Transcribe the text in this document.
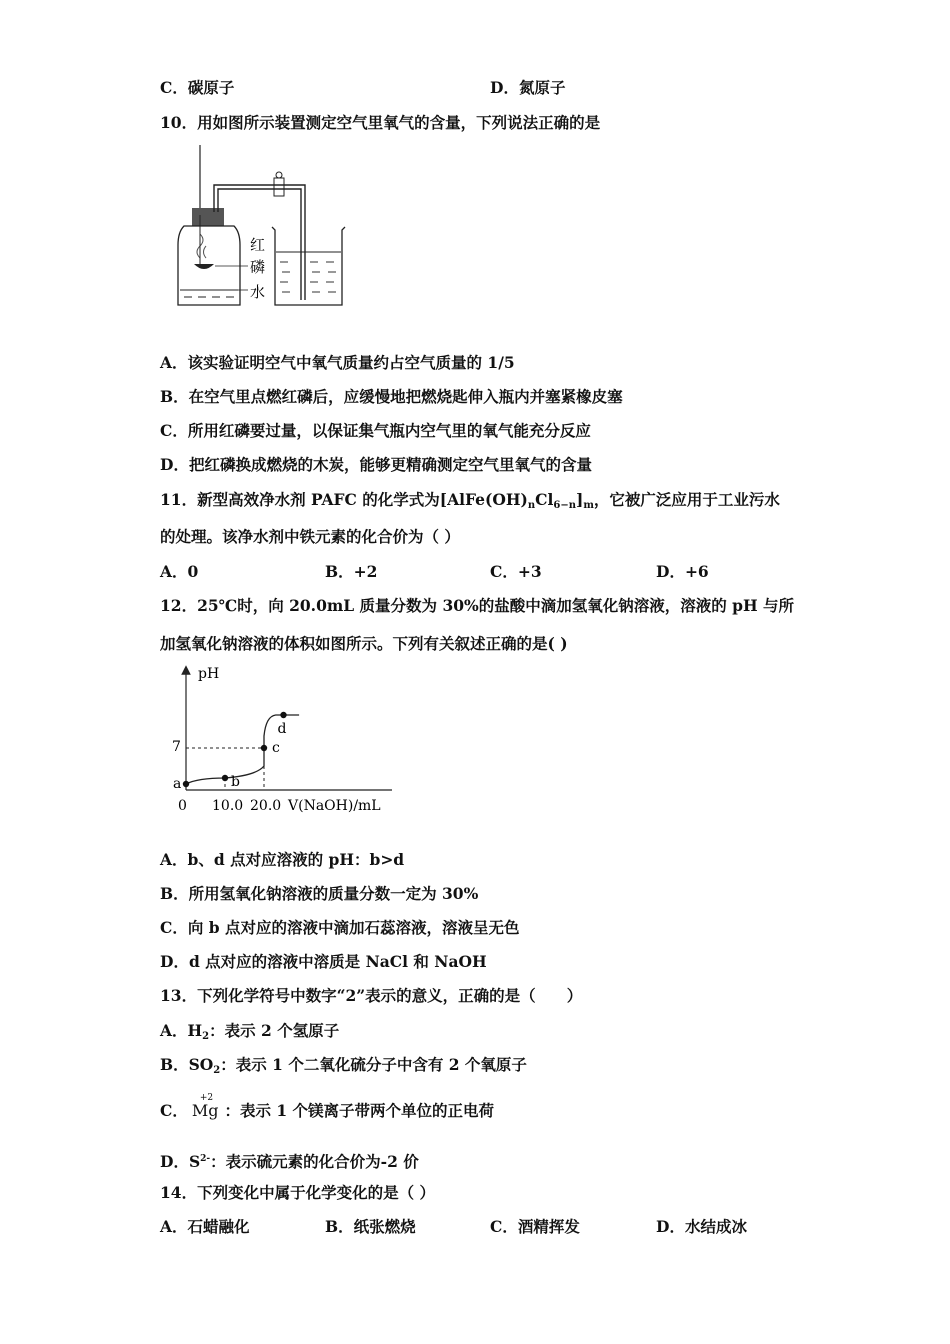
C．碳原子	D．氮原子
10．用如图所示装置测定空气里氧气的含量，下列说法正确的是
红
磷
水
A．该实验证明空气中氧气质量约占空气质量的 1/5
B．在空气里点燃红磷后，应缓慢地把燃烧匙伸入瓶内并塞紧橡皮塞
C．所用红磷要过量，以保证集气瓶内空气里的氧气能充分反应
D．把红磷换成燃烧的木炭，能够更精确测定空气里氧气的含量
11．新型高效净水剂 PAFC 的化学式为$[AlFe(OH)_nCl_{6-n}]_m$，它被广泛应用于工业污水
的处理。该净水剂中铁元素的化合价为（ ）
A．0	B．+2	C．+3	D．+6
12．25℃时，向 20.0mL 质量分数为 30%的盐酸中滴加氢氧化钠溶液，溶液的 pH 与所
加氢氧化钠溶液的体积如图所示。下列有关叙述正确的是( )
pH
V(NaOH)/mL
0 10.0 20.0
7
a	b
c
d
A．b、d 点对应溶液的 pH：b>d
B．所用氢氧化钠溶液的质量分数一定为 30%
C．向 b 点对应的溶液中滴加石蕊溶液，溶液呈无色
D．d 点对应的溶液中溶质是 NaCl 和 NaOH
13．下列化学符号中数字“2”表示的意义，正确的是（　　）
A．$H_2$：表示 2 个氢原子
B．$SO_2$：表示 1 个二氧化硫分子中含有 2 个氧原子
C．
+2
Mg ：表示 1 个镁离子带两个单位的正电荷
D．$S^{2-}$：表示硫元素的化合价为-2 价
14．下列变化中属于化学变化的是（ ）
A．石蜡融化	B．纸张燃烧	C．酒精挥发	D．水结成冰
